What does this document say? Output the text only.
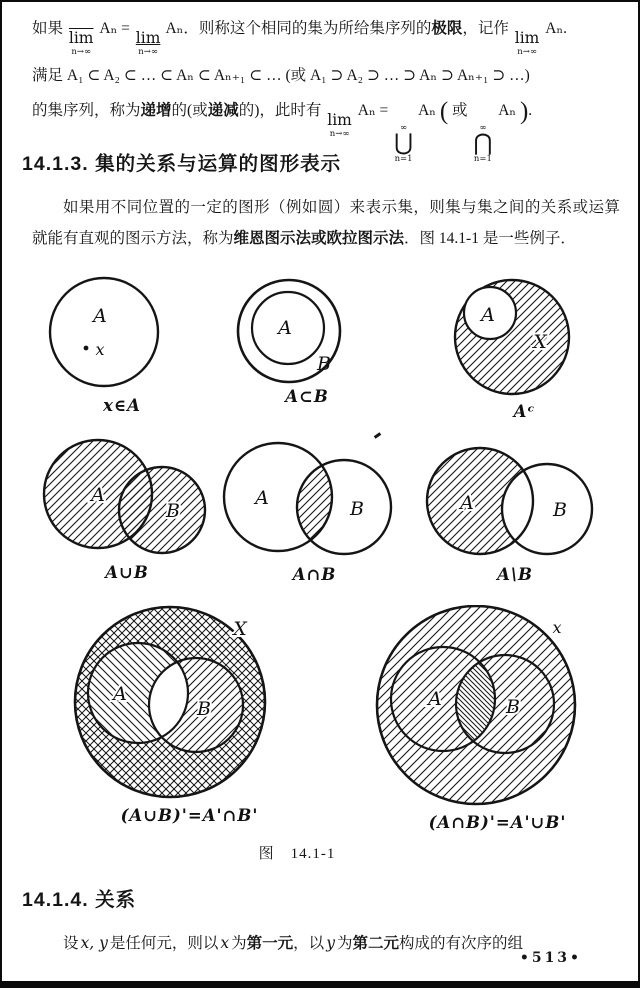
如果
$\overline{lim}$
n→∞
Aₙ =
lim
n→∞
Aₙ．则称这个相同的集为所给集序列的极限，记作
lim
n→∞
Aₙ.
满足 A₁ ⊂ A₂ ⊂ … ⊂ Aₙ ⊂ Aₙ₊₁ ⊂ … (或 A₁ ⊃ A₂ ⊃ … ⊃ Aₙ ⊃ Aₙ₊₁ ⊃ …)
的集序列，称为递增的(或递减的)，此时有
lim
n→∞
Aₙ =
∞
⋃
n=1
Aₙ ( 或
∞
⋂
n=1
Aₙ ).
14.1.3. 集的关系与运算的图形表示

如果用不同位置的一定的图形（例如圆）来表示集，则集与集之间的关系或运算就能有直观的图示方法，称为维恩图示法或欧拉图示法．图 14.1-1 是一些例子．

A
x
x∈A
A
B
A⊂B
A
X
Aᶜ
A
B
A∪B
A	B
A∩B
A	B
A\B
A
B
X
(A∪B)'=A'∩B'
A	B
x
(A∩B)'=A'∪B'
图　14.1-1
14.1.4. 关系

设 x, y 是任何元，则以 x 为第一元，以 y 为第二元构成的有次序的组

•513•
